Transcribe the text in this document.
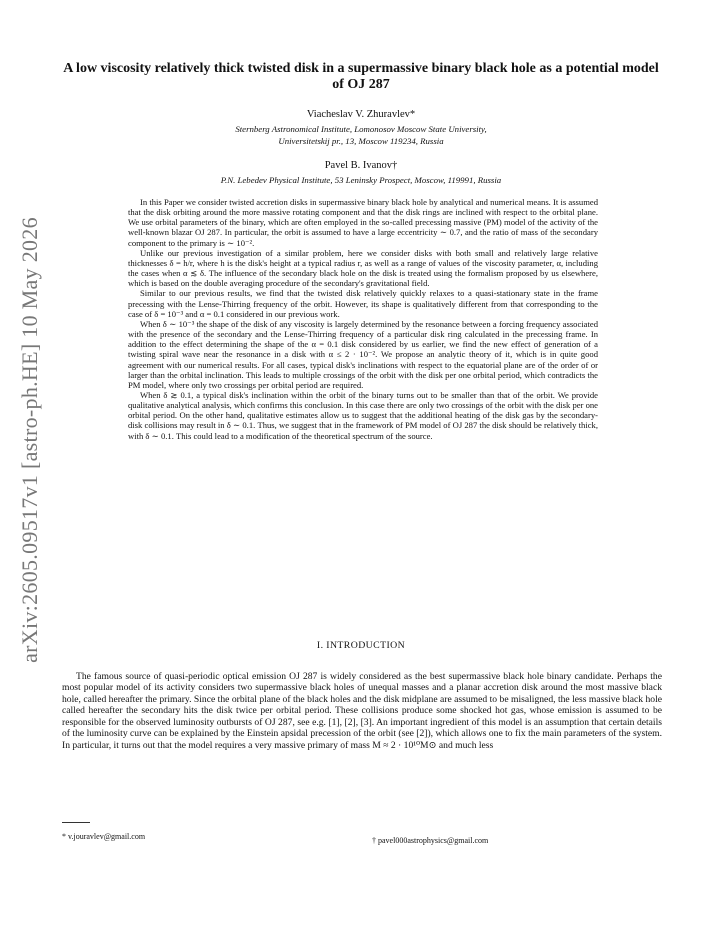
arXiv:2605.09517v1 [astro-ph.HE] 10 May 2026
A low viscosity relatively thick twisted disk in a supermassive binary black hole as a potential model of OJ 287
Viacheslav V. Zhuravlev*
Sternberg Astronomical Institute, Lomonosov Moscow State University,
Universitetskij pr., 13, Moscow 119234, Russia
Pavel B. Ivanov†
P.N. Lebedev Physical Institute, 53 Leninsky Prospect, Moscow, 119991, Russia

In this Paper we consider twisted accretion disks in supermassive binary black hole by analytical and numerical means. It is assumed that the disk orbiting around the more massive rotating component and that the disk rings are inclined with respect to the orbital plane. We use orbital parameters of the binary, which are often employed in the so-called precessing massive (PM) model of the activity of the well-known blazar OJ 287. In particular, the orbit is assumed to have a large eccentricity ∼ 0.7, and the ratio of mass of the secondary component to the primary is ∼ 10⁻².

Unlike our previous investigation of a similar problem, here we consider disks with both small and relatively large relative thicknesses δ = h/r, where h is the disk's height at a typical radius r, as well as a range of values of the viscosity parameter, α, including the cases when α ≲ δ. The influence of the secondary black hole on the disk is treated using the formalism proposed by us elsewhere, which is based on the double averaging procedure of the secondary's gravitational field.

Similar to our previous results, we find that the twisted disk relatively quickly relaxes to a quasi-stationary state in the frame precessing with the Lense-Thirring frequency of the orbit. However, its shape is qualitatively different from that corresponding to the case of δ = 10⁻³ and α = 0.1 considered in our previous work.

When δ ∼ 10⁻³ the shape of the disk of any viscosity is largely determined by the resonance between a forcing frequency associated with the presence of the secondary and the Lense-Thirring frequency of a particular disk ring calculated in the precessing frame. In addition to the effect determining the shape of the α = 0.1 disk considered by us earlier, we find the new effect of generation of a twisting spiral wave near the resonance in a disk with α ≤ 2 · 10⁻². We propose an analytic theory of it, which is in quite good agreement with our numerical results. For all cases, typical disk's inclinations with respect to the equatorial plane are of the order of or larger than the orbital inclination. This leads to multiple crossings of the orbit with the disk per one orbital period, which contradicts the PM model, where only two crossings per orbital period are required.

When δ ≳ 0.1, a typical disk's inclination within the orbit of the binary turns out to be smaller than that of the orbit. We provide qualitative analytical analysis, which confirms this conclusion. In this case there are only two crossings of the orbit with the disk per one orbital period. On the other hand, qualitative estimates allow us to suggest that the additional heating of the disk gas by the secondary-disk collisions may result in δ ∼ 0.1. Thus, we suggest that in the framework of PM model of OJ 287 the disk should be relatively thick, with δ ∼ 0.1. This could lead to a modification of the theoretical spectrum of the source.

I. INTRODUCTION

The famous source of quasi-periodic optical emission OJ 287 is widely considered as the best supermassive black hole binary candidate. Perhaps the most popular model of its activity considers two supermassive black holes of unequal masses and a planar accretion disk around the most massive black hole, called hereafter the primary. Since the orbital plane of the black holes and the disk midplane are assumed to be misaligned, the less massive black hole called hereafter the secondary hits the disk twice per orbital period. These collisions produce some shocked hot gas, whose emission is assumed to be responsible for the observed luminosity outbursts of OJ 287, see e.g. [1], [2], [3]. An important ingredient of this model is an assumption that certain details of the luminosity curve can be explained by the Einstein apsidal precession of the orbit (see [2]), which allows one to fix the main parameters of the system. In particular, it turns out that the model requires a very massive primary of mass M ≈ 2 · 10¹⁰M⊙ and much less

* v.jouravlev@gmail.com	† pavel000astrophysics@gmail.com
